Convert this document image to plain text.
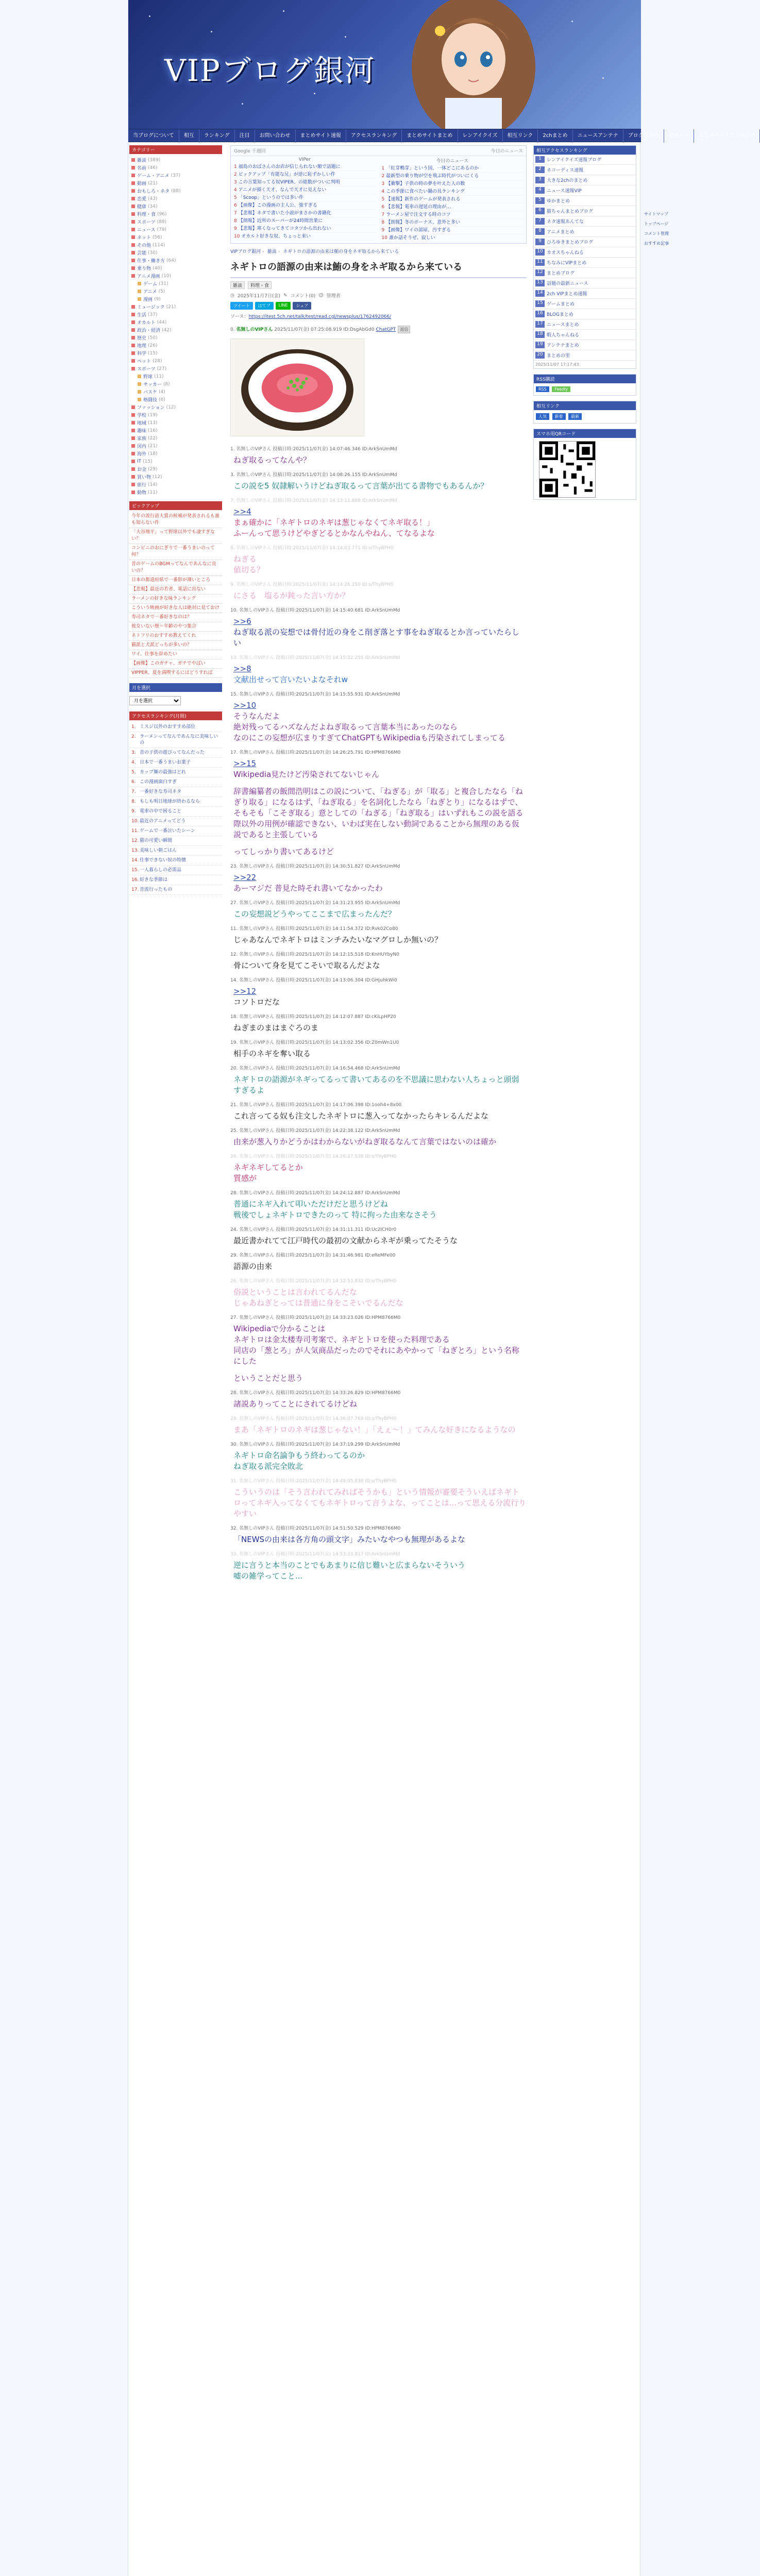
VIPブログ銀河
当ブログについて	相互	ランキング	注目	お問い合わせ	まとめサイト速報	アクセスランキング	まとめサイトまとめ	レンアイクイズ	相互リンク	2chまとめ	ニュースアンテナ	ブログまとめ	ヒロイン	まとめサイトランキング
カテゴリー
雑談 (389)
名前 (46)
ゲーム・アニメ (37)
動画 (21)
おもしろ・ネタ (88)
恋愛 (43)
健康 (34)
料理・食 (96)
スポーツ (88)
ニュース (79)
ネット (56)
その他 (114)
芸能 (30)
仕事・働き方 (64)
乗り物 (40)
アニメ漫画 (10)
ゲーム (31)
アニメ (5)
漫画 (9)
ミュージック (21)
生活 (37)
オカルト (44)
政治・経済 (42)
歴史 (50)
地理 (26)
科学 (15)
ペット (28)
スポーツ (27)
野球 (11)
サッカー (8)
バスケ (4)
格闘技 (6)
ファッション (12)
学校 (19)
地域 (13)
趣味 (16)
家族 (22)
国内 (21)
海外 (18)
IT (15)
お金 (29)
買い物 (12)
旅行 (14)
動物 (11)
ピックアップ
今年の流行語大賞の候補が発表されるも誰も知らない件
「大谷翔平」って野球以外でも凄すぎない？
コンビニのおにぎりで一番うまいのって何？
昔のゲームのBGMってなんであんなに良いの？
日本の都道府県で一番影が薄いところ
【悲報】最近の若者、電話に出ない
ラーメンの好きな味ランキング
こういう映画が好きな人は絶対に見ておけ
寿司ネタで一番好きなのは？
彼女いない歴＝年齢のやつ集合
ネトフリのおすすめ教えてくれ
猫派と犬派どっちが多いの？
ワイ、仕事を辞めたい
【画像】このガチャ、ガチでやばい
VIPPER、夏を満喫するにはどうすれば
月を選択
月を選択
アクセスランキング(月間)
1. ミスジ以外のおすすめ部位
2. ラーメンってなんであんなに美味しいの
3. 昔の子供の遊びってなんだった
4. 日本で一番うまいお菓子
5. カップ麺の最強はどれ
6. この漫画面白すぎ
7. 一番好きな寿司ネタ
8. もしも明日地球が終わるなら
9. 電車の中で困ること
10. 最近のアニメってどう
11. ゲームで一番泣いたシーン
12. 猫の可愛い瞬間
13. 美味しい朝ごはん
14. 仕事できない奴の特徴
15. 一人暮らしの必需品
16. 好きな季節は
17. 昔流行ったもの
Google 千週回	今日のニュース
VIPer
1 福島のおばさんのお店が信じられない額で話題に
2 ピックアップ「有能な兄」が逆に恥ずかしい件
3 この言葉知ってる奴VIPER、の総数がついに判明
4 アニメが描く天才、なんで天才に見えない
5 「Scoop」というのでは多い件
6 【画像】この漫画の主人公、強すぎる
7 【悲報】ネタで書いた小説がまさかの書籍化
8 【朗報】近所のスーパーが24時間営業に
9 【悲報】寒くなってきてコタツから出れない
10 オカルト好きな奴、ちょっと来い
今日のニュース
1 「紅芽鴨芽」という国、一体どこにあるのか
2 最新型の乗り物が空を飛ぶ時代がついにくる
3 【衝撃】子供の時の夢を叶えた人の数
4 この季節に食べたい鍋の具ランキング
5 【速報】新作のゲームが発表される
6 【悲報】電車の遅延の理由が…
7 ラーメン屋で注文する時のコツ
8 【朗報】冬のボーナス、意外と多い
9 【画像】ワイの部屋、汚すぎる
10 誰か話そうぜ、寂しい
VIPブログ銀河 › 雑談 › ネギトロの語源の由来は鮪の身をネギ取るから来ている
ネギトロの語源の由来は鮪の身をネギ取るから来ている
雑談	料理・食
◷ 2025年11月7日(金) ✎ コメント(0) ☺ 管理者
ツイート	はてブ	LINE	シェア
ソース：https://itest.5ch.net/talk/test/read.cgi/newsplus/1762492066/
0. 名無しのVIPさん 2025/11/07(金) 07:25:08.919 ID:DsgAbGd0 ChatGPT 返信
1. 名無しのVIPさん 投稿日時:2025/11/07(金) 14:07:46.346 ID:ArkSnUmMd
ねぎ取るってなんや？
3. 名無しのVIPさん 投稿日時:2025/11/07(金) 14:08:26.155 ID:ArkSnUmMd
この説を5 奴隷解いうけどねぎ取るって言葉が出てる書物でもあるんか？
7. 名無しのVIPさん 投稿日時:2025/11/07(金) 14:13:11.888 ID:ArkSnUmMd
>>4
まぁ確かに「ネギトロのネギは葱じゃなくてネギ取る！」
ふーんって思うけどやぎどるとかなんやねん、てなるよな
8. 名無しのVIPさん 投稿日時:2025/11/07(金) 14:14:03.771 ID:s/ThyBPH0
ねぎる
値切る？
9. 名無しのVIPさん 投稿日時:2025/11/07(金) 14:14:26.250 ID:s/ThyBPH0
にさる　塩るが鈍った言い方か？
10. 名無しのVIPさん 投稿日時:2025/11/07(金) 14:15:40.681 ID:ArkSnUmMd
>>6
ねぎ取る派の妄想では骨付近の身をこ削ぎ落とす事をねぎ取るとか言っていたらしい
13. 名無しのVIPさん 投稿日時:2025/11/07(金) 14:15:32.255 ID:ArkSnUmMd
>>8
文献出せって言いたいよなそれw
15. 名無しのVIPさん 投稿日時:2025/11/07(金) 14:15:55.931 ID:ArkSnUmMd
>>10
そうなんだよ
絶対残ってるハズなんだよねぎ取るって言葉本当にあったのなら
なのにこの妄想が広まりすぎてChatGPTもWikipediaも汚染されてしまってる
17. 名無しのVIPさん 投稿日時:2025/11/07(金) 14:26:25.791 ID:HPM8766M0
>>15
Wikipedia見たけど汚染されてないじゃん
辞書編纂者の飯間浩明はこの説について、「ねぎる」が「取る」と複合したなら「ねぎり取る」になるはず、「ねぎ取る」を名詞化したなら「ねぎとり」になるはずで、そもそも「こそぎ取る」意としての「ねぎる」「ねぎ取る」はいずれもこの説を語る際以外の用例が確認できない、いわば実在しない動詞であることから無理のある仮説であると主張している
ってしっかり書いてあるけど
23. 名無しのVIPさん 投稿日時:2025/11/07(金) 14:30:51.827 ID:ArkSnUmMd
>>22
あーマジだ 普見た時それ書いてなかったわ
27. 名無しのVIPさん 投稿日時:2025/11/07(金) 14:31:23.955 ID:ArkSnUmMd
この妄想説どうやってここまで広まったんだ？
11. 名無しのVIPさん 投稿日時:2025/11/07(金) 14:11:54.372 ID:Rvk02Co80
じゃあなんでネギトロはミンチみたいなマグロしか無いの？
12. 名無しのVIPさん 投稿日時:2025/11/07(金) 14:12:15.518 ID:KnHUYbyN0
骨について身を見てこそいで取るんだよな
14. 名無しのVIPさん 投稿日時:2025/11/07(金) 14:13:06.304 ID:GHjuhkWi0
>>12
コソトロだな
18. 名無しのVIPさん 投稿日時:2025/11/07(金) 14:12:07.887 ID:cKiLpHP20
ねぎまのまはまぐろのま
19. 名無しのVIPさん 投稿日時:2025/11/07(金) 14:13:02.356 ID:Z0mWn1U0
相手のネギを奪い取る
20. 名無しのVIPさん 投稿日時:2025/11/07(金) 14:16:54.468 ID:ArkSnUmMd
ネギトロの語源がネギってるって書いてあるのを不思議に思わない人ちょっと頭弱すぎるよ
21. 名無しのVIPさん 投稿日時:2025/11/07(金) 14:17:06.398 ID:1ooh4+8x00
これ言ってる奴も注文したネギトロに葱入ってなかったらキレるんだよな
25. 名無しのVIPさん 投稿日時:2025/11/07(金) 14:22:38.122 ID:ArkSnUmMd
由来が葱入りかどうかはわからないがねぎ取るなんて言葉ではないのは確か
26. 名無しのVIPさん 投稿日時:2025/11/07(金) 14:26:27.538 ID:s/ThyBPH0
ネギネギしてるとか
質感が
28. 名無しのVIPさん 投稿日時:2025/11/07(金) 14:24:12.887 ID:ArkSnUmMd
普通にネギ入れて叩いただけだと思うけどね
戦後でしょネギトロできたのって 特に拘った由来なさそう
24. 名無しのVIPさん 投稿日時:2025/11/07(金) 14:31:11.311 ID:Uc2ICH0r0
最近書かれてて江戸時代の最初の文献からネギが乗ってたそうな
29. 名無しのVIPさん 投稿日時:2025/11/07(金) 14:31:46.981 ID:eReMFe00
語源の由来
26. 名無しのVIPさん 投稿日時:2025/11/07(金) 14:32:53.832 ID:s/ThyBPH0
俗説ということは言われてるんだな
じゃあねぎとっては普通に身をこそいでるんだな
27. 名無しのVIPさん 投稿日時:2025/11/07(金) 14:33:23.026 ID:HPM8766M0
Wikipediaで分かることは
ネギトロは金太楼寿司考案で、ネギとトロを使った料理である
同店の「葱とろ」が人気商品だったのでそれにあやかって「ねぎとろ」という名称にした
ということだと思う
28. 名無しのVIPさん 投稿日時:2025/11/07(金) 14:33:26.829 ID:HPM8766M0
諸説ありってことにされてるけどね
29. 名無しのVIPさん 投稿日時:2025/11/07(金) 14:36:07.769 ID:s/ThyBPH0
まあ「ネギトロのネギは葱じゃない！」「えぇ〜！」てみんな好きになるようなの
30. 名無しのVIPさん 投稿日時:2025/11/07(金) 14:37:19.299 ID:ArkSnUmMd
ネギトロ命名論争もう終わってるのか
ねぎ取る派完全敗北
31. 名無しのVIPさん 投稿日時:2025/11/07(金) 14:49:05.838 ID:s/ThyBPH0
こういうのは「そう言われてみればそうかも」という情報が審要そういえばネギトロってネギ入ってなくてもネギトロって言うよな、ってことは...って思える分流行りやすい
32. 名無しのVIPさん 投稿日時:2025/11/07(金) 14:51:50.529 ID:HPM8766M0
「NEWSの由来は各方角の頭文字」みたいなやつも無理があるよな
33. 名無しのVIPさん 投稿日時:2025/11/07(金) 14:53:33.817 ID:ArkSnUmMd
逆に言うと本当のことでもあまりに信じ難いと広まらないそういう
嘘の雑学ってこと...
相互アクセスランキング
1	レンアイクイズ速報ブログ
2	ネコーディス速報
3	大きな2chのまとめ
4	ニュース速報VIP
5	ゆかまとめ
6	猫ちゃんまとめブログ
7	ネタ速報あんてな
8	アニメまとめ
9	ひろゆきまとめブログ
10 カオスちゃんねる
11 ちなみにVIPまとめ
12 まとめブログ
13 話題の最新ニュース
14 2ch VIPまとめ速報
15 ゲームまとめ
16 BLOGまとめ
17 ニュースまとめ
18 暇人ちゃんねる
19 アンテナまとめ
20 まとめの里
2025/11/07 17:17:43
RSS購読
RSS Feedly
相互リンク
人気 新着 最新
スマホ用QRコード
サイトマップ
トップページ
コメント管理
おすすめ記事
